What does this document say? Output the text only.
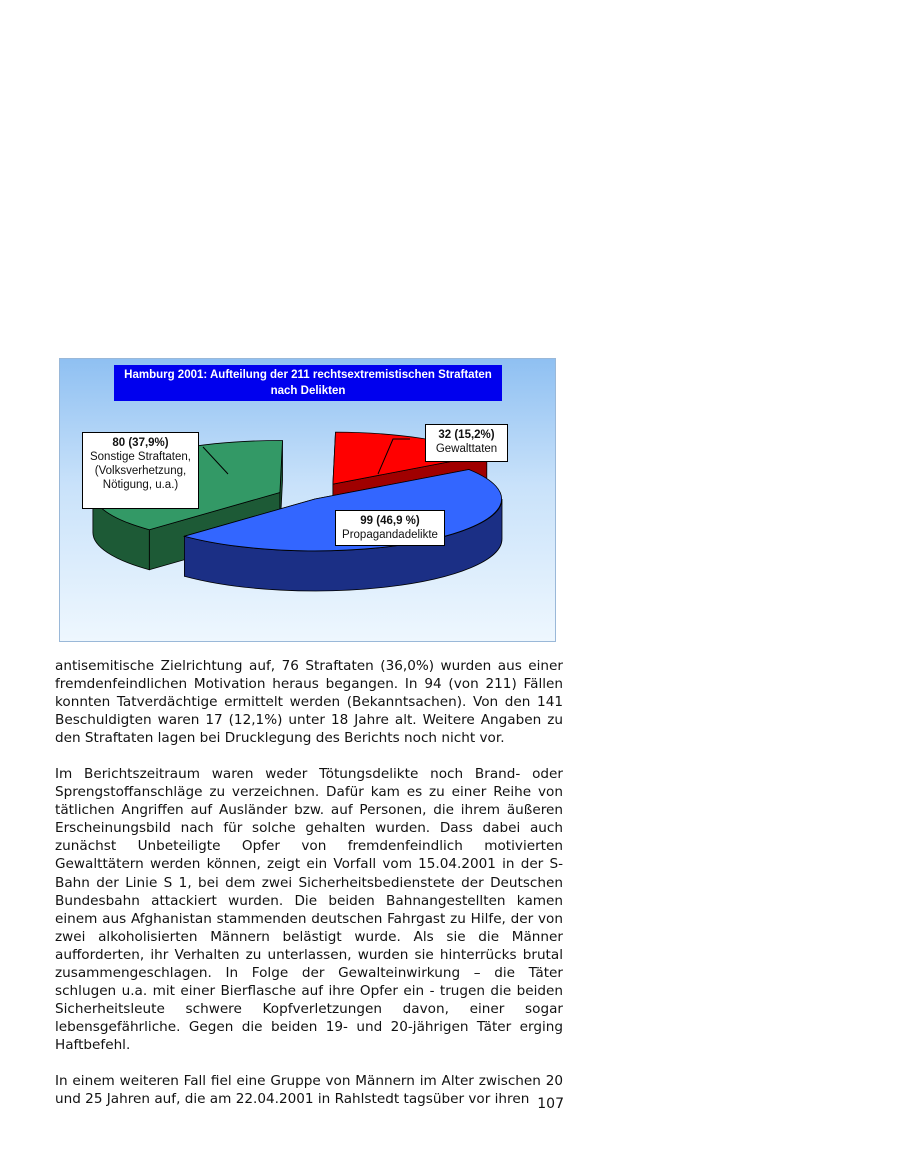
Hamburg 2001: Aufteilung der 211 rechtsextremistischen Straftaten nach Delikten
80 (37,9%)
Sonstige Straftaten,
(Volksverhetzung,
Nötigung, u.a.)
32 (15,2%)
Gewalttaten
99 (46,9 %)
Propagandadelikte

antisemitische Zielrichtung auf, 76 Straftaten (36,0%) wurden aus einer fremdenfeindlichen Motivation heraus begangen. In 94 (von 211) Fällen konnten Tatverdächtige ermittelt werden (Bekanntsachen). Von den 141 Beschuldigten waren 17 (12,1%) unter 18 Jahre alt. Weitere Angaben zu den Straftaten lagen bei Drucklegung des Berichts noch nicht vor.

Im Berichtszeitraum waren weder Tötungsdelikte noch Brand- oder Sprengstoffanschläge zu verzeichnen. Dafür kam es zu einer Reihe von tätlichen Angriffen auf Ausländer bzw. auf Personen, die ihrem äußeren Erscheinungsbild nach für solche gehalten wurden. Dass dabei auch zunächst Unbeteiligte Opfer von fremdenfeindlich motivierten Gewalttätern werden können, zeigt ein Vorfall vom 15.04.2001 in der S-Bahn der Linie S 1, bei dem zwei Sicherheitsbedienstete der Deutschen Bundesbahn attackiert wurden. Die beiden Bahnangestellten kamen einem aus Afghanistan stammenden deutschen Fahrgast zu Hilfe, der von zwei alkoholisierten Männern belästigt wurde. Als sie die Männer aufforderten, ihr Verhalten zu unterlassen, wurden sie hinterrücks brutal zusammengeschlagen. In Folge der Gewalteinwirkung – die Täter schlugen u.a. mit einer Bierflasche auf ihre Opfer ein - trugen die beiden Sicherheitsleute schwere Kopfverletzungen davon, einer sogar lebensgefährliche. Gegen die beiden 19- und 20-jährigen Täter erging Haftbefehl.

In einem weiteren Fall fiel eine Gruppe von Männern im Alter zwischen 20 und 25 Jahren auf, die am 22.04.2001 in Rahlstedt tagsüber vor ihren 107
